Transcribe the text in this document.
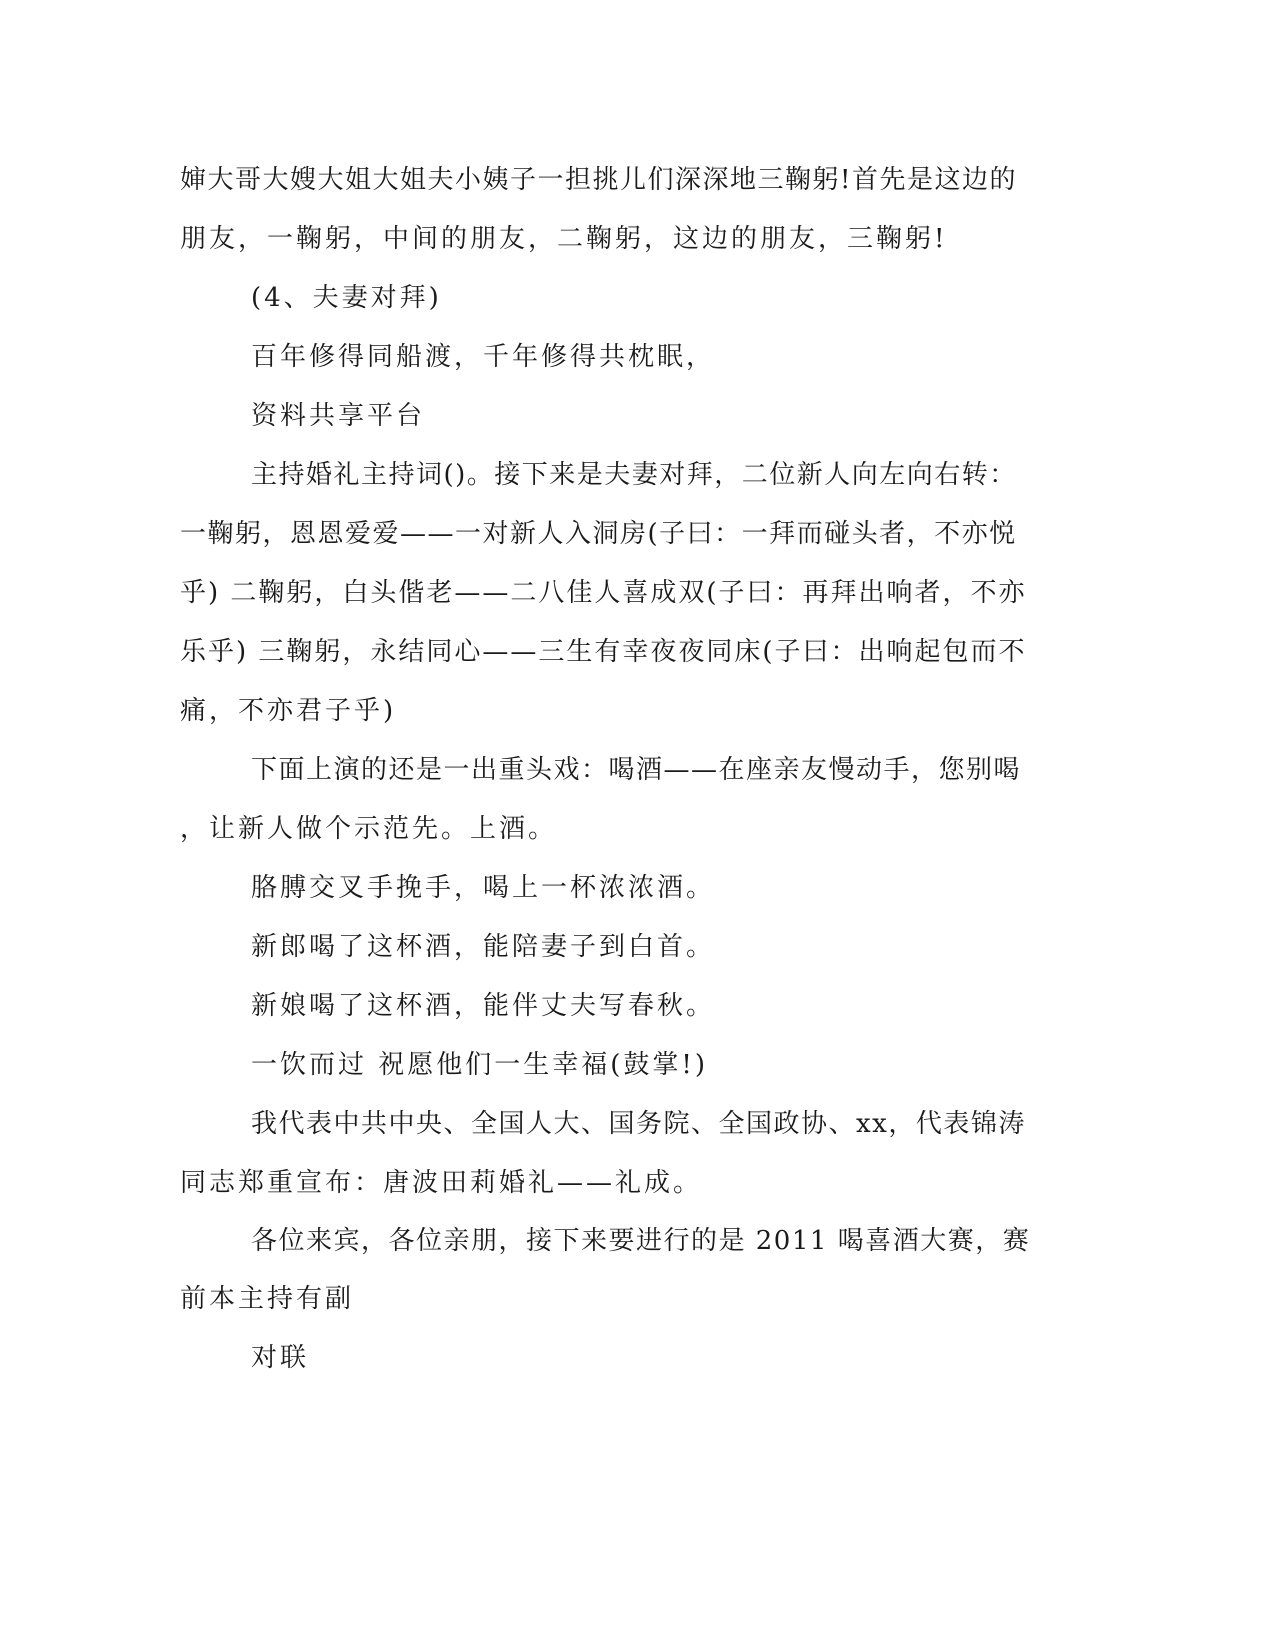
婶大哥大嫂大姐大姐夫小姨子一担挑儿们深深地三鞠躬!首先是这边的
朋友，一鞠躬，中间的朋友，二鞠躬，这边的朋友，三鞠躬!
(4、夫妻对拜)
百年修得同船渡，千年修得共枕眠，
资料共享平台
主持婚礼主持词()。接下来是夫妻对拜，二位新人向左向右转：
一鞠躬，恩恩爱爱——一对新人入洞房(子曰：一拜而碰头者，不亦悦
乎) 二鞠躬，白头偕老——二八佳人喜成双(子曰：再拜出响者，不亦
乐乎) 三鞠躬，永结同心——三生有幸夜夜同床(子曰：出响起包而不
痛，不亦君子乎)
下面上演的还是一出重头戏：喝酒——在座亲友慢动手，您别喝
，让新人做个示范先。上酒。
胳膊交叉手挽手，喝上一杯浓浓酒。
新郎喝了这杯酒，能陪妻子到白首。
新娘喝了这杯酒，能伴丈夫写春秋。
一饮而过 祝愿他们一生幸福(鼓掌!)
我代表中共中央、全国人大、国务院、全国政协、xx，代表锦涛
同志郑重宣布：唐波田莉婚礼——礼成。
各位来宾，各位亲朋，接下来要进行的是 2011 喝喜酒大赛，赛
前本主持有副
对联
